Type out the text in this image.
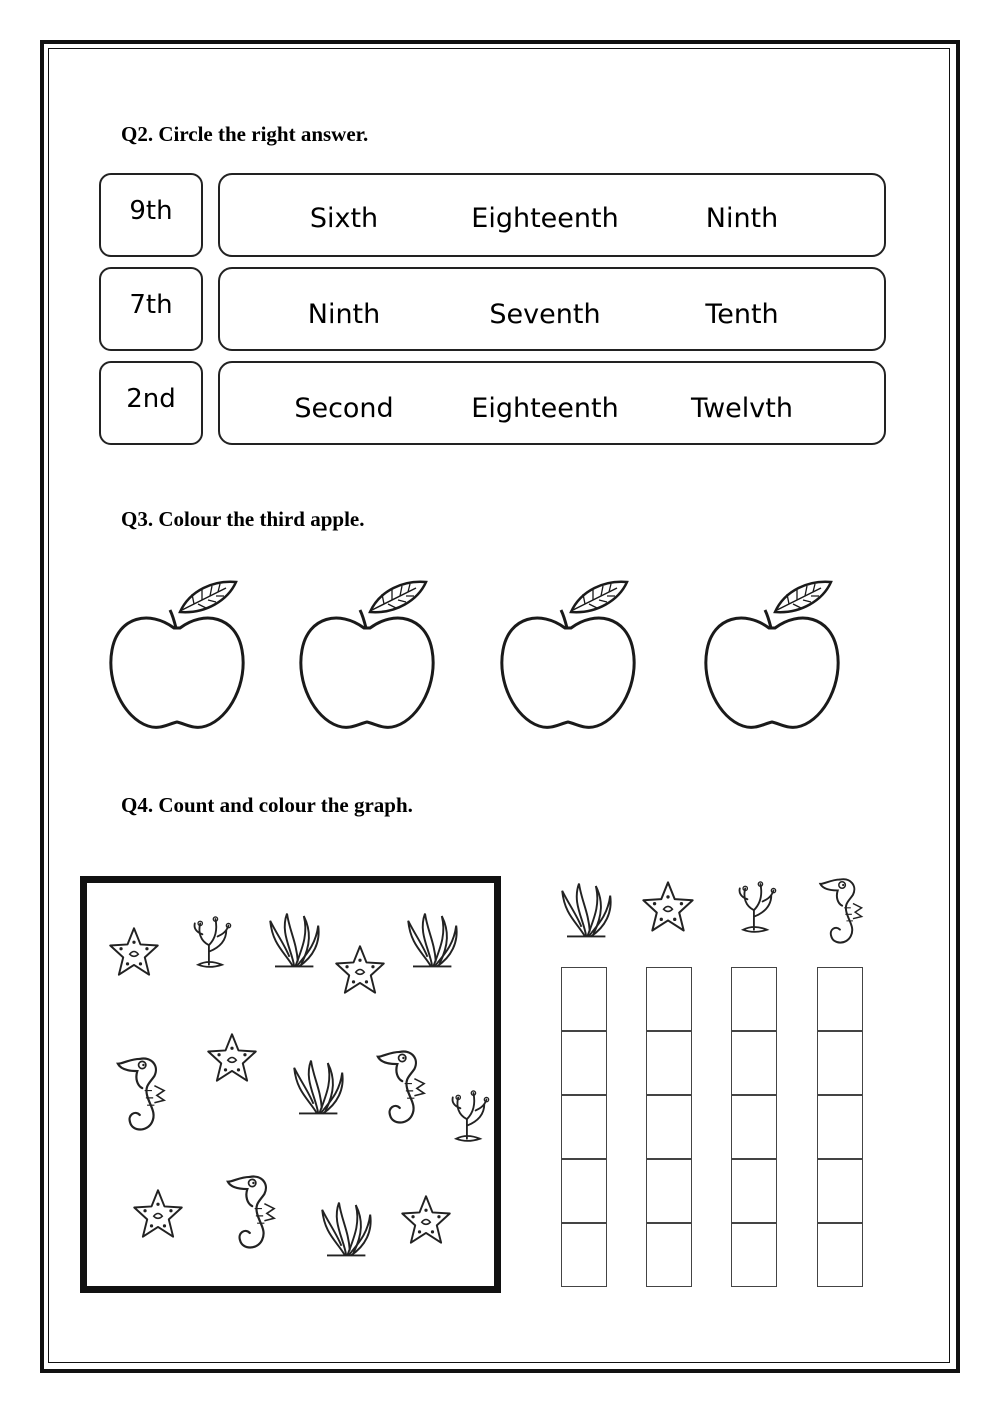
Q2. Circle the right answer.
9th	Sixth	Eighteenth	Ninth
7th	Ninth	Seventh	Tenth
2nd	Second	Eighteenth	Twelvth
Q3. Colour the third apple.
Q4. Count and colour the graph.
